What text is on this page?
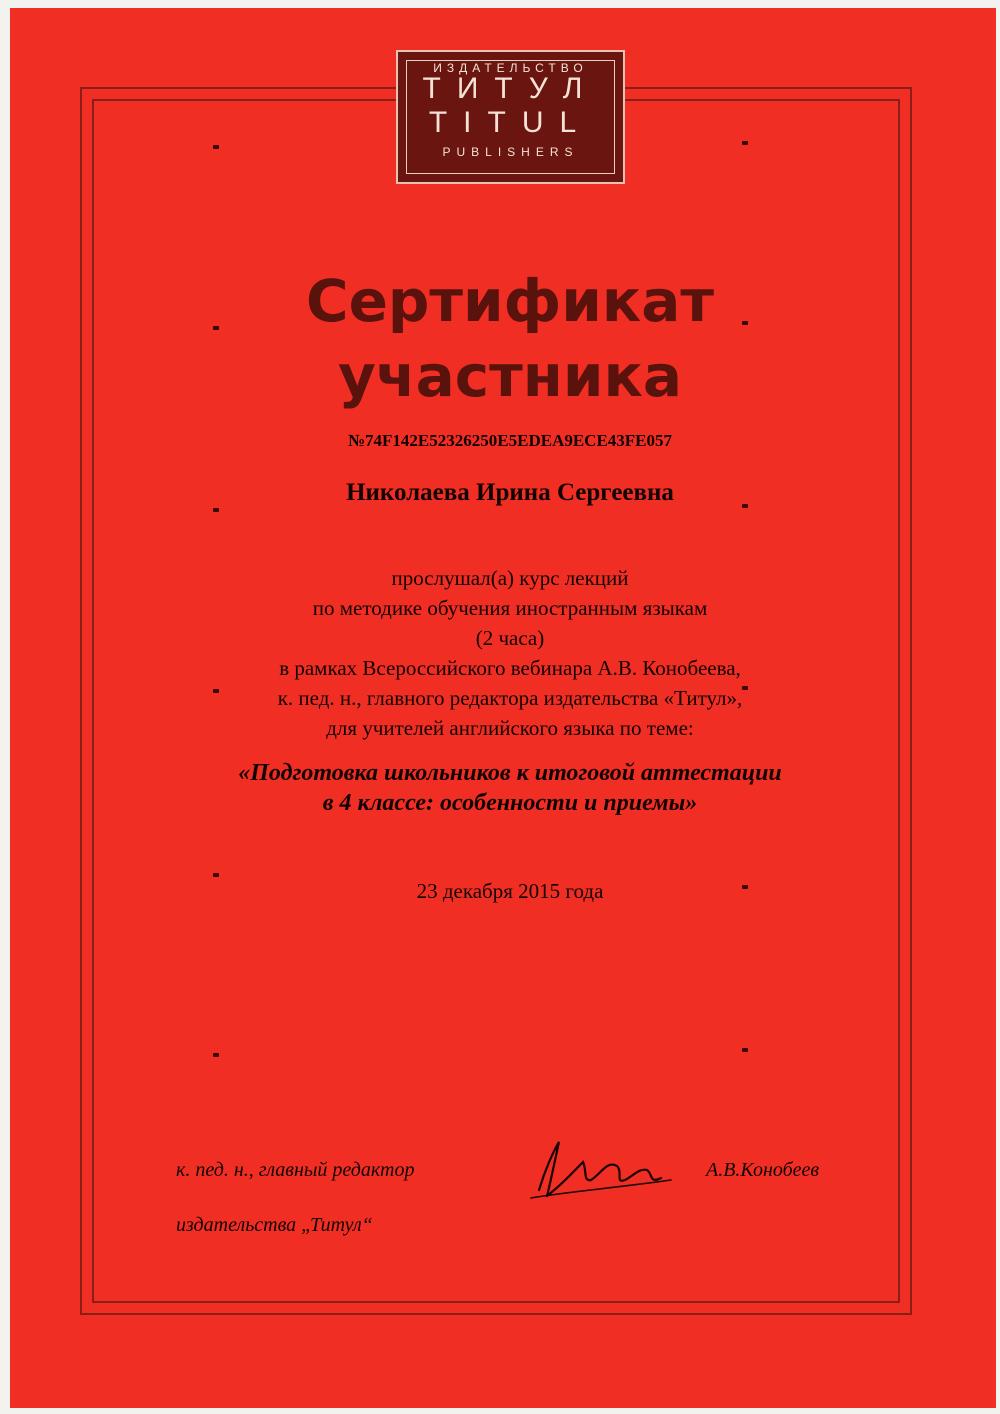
ИЗДАТЕЛЬСТВО
ТИТУЛ
TITUL
PUBLISHERS
Сертификат
участника
№74F142E52326250E5EDEA9ECE43FE057
Николаева Ирина Сергеевна
прослушал(а) курс лекций
по методике обучения иностранным языкам
(2 часа)
в рамках Всероссийского вебинара А.В. Конобеева,
к. пед. н., главного редактора издательства «Титул»,
для учителей английского языка по теме:
«Подготовка школьников к итоговой аттестации
в 4 классе: особенности и приемы»
23 декабря 2015 года
к. пед. н., главный редактор
издательства „Титул“
А.В.Конобеев
